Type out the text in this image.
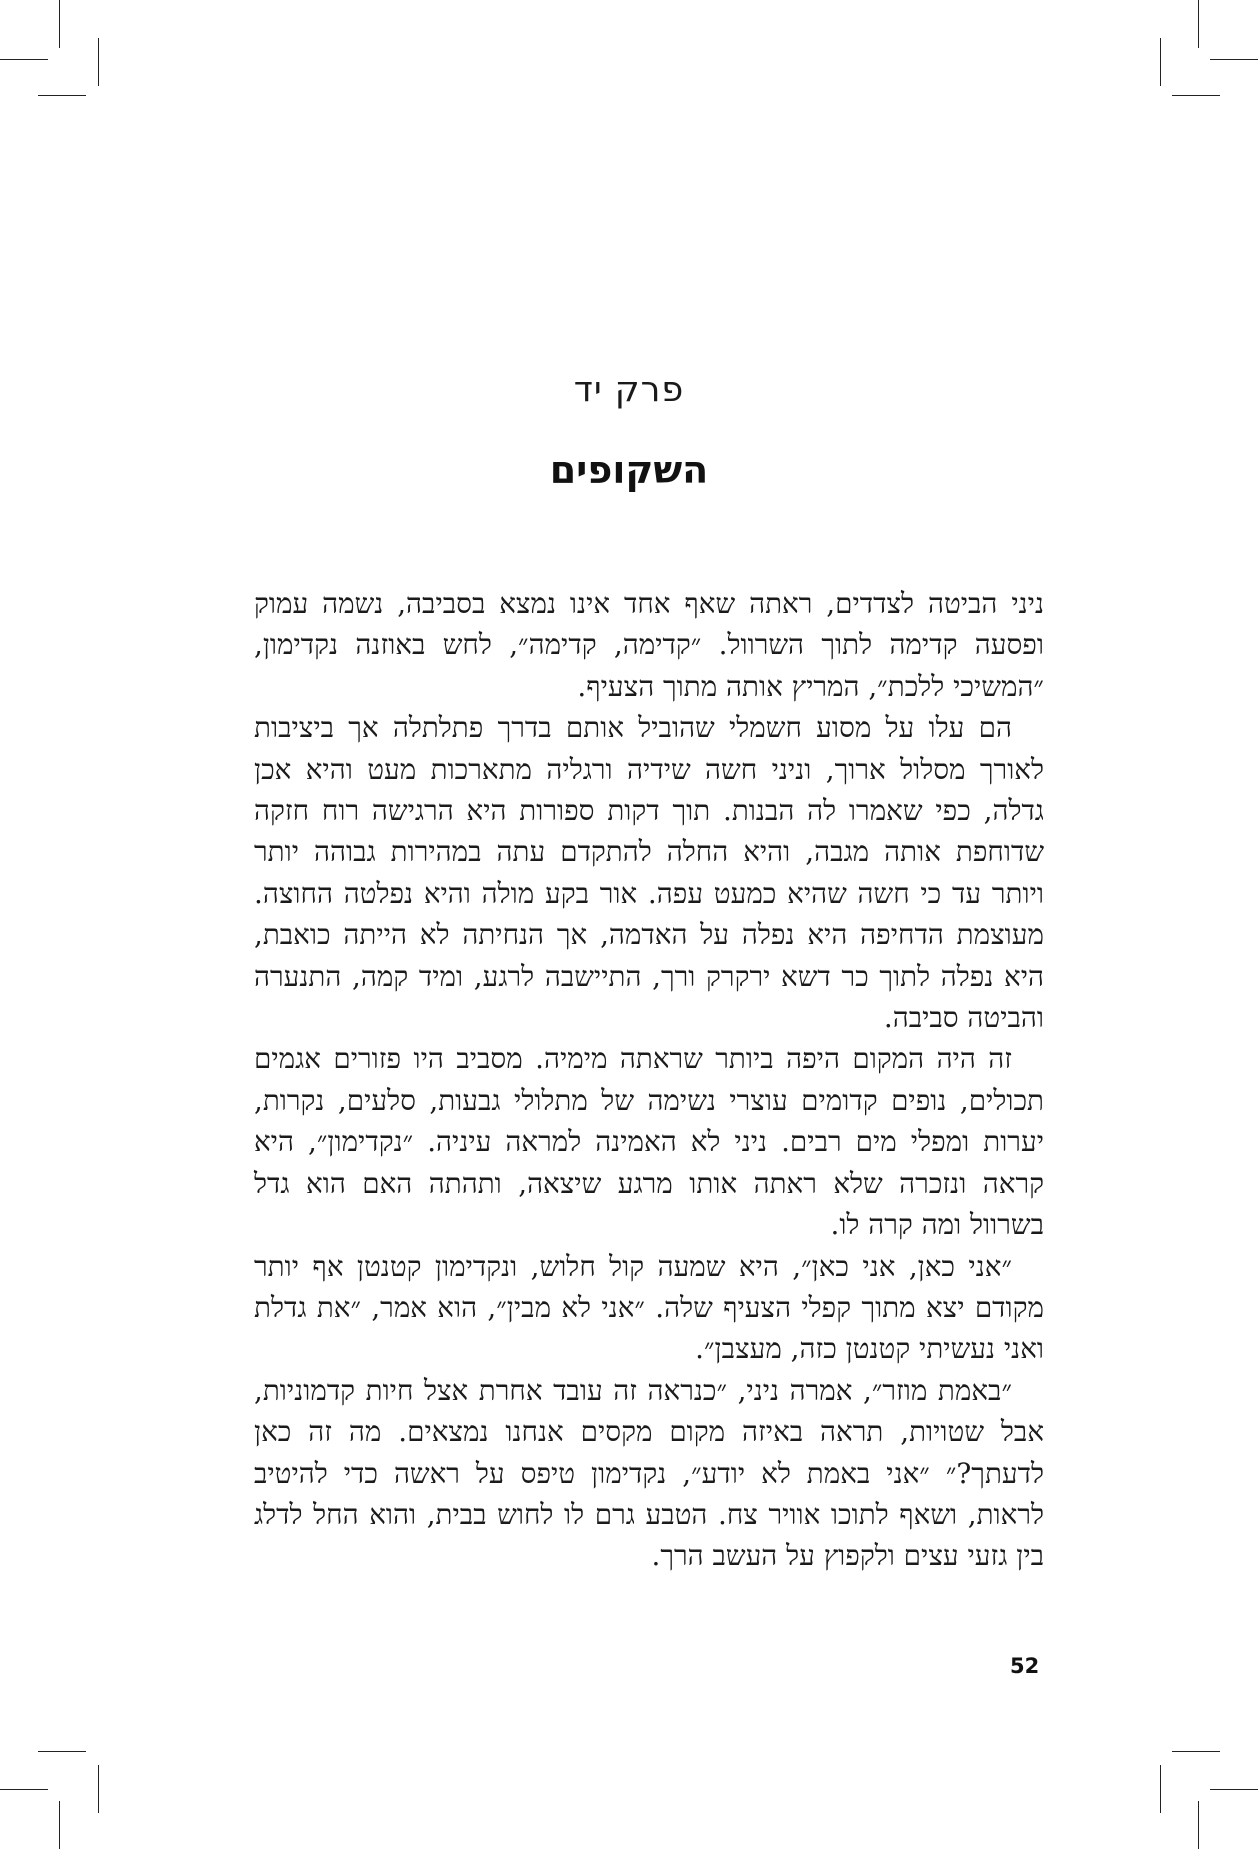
פרק יד
השקופים

ניני הביטה לצדדים, ראתה שאף אחד אינו נמצא בסביבה, נשמה עמוק ופסעה קדימה לתוך השרוול. ״קדימה, קדימה״, לחש באוזנה נקדימון, ״המשיכי ללכת״, המריץ אותה מתוך הצעיף.

הם עלו על מסוע חשמלי שהוביל אותם בדרך פתלתלה אך ביציבות לאורך מסלול ארוך, וניני חשה שידיה ורגליה מתארכות מעט והיא אכן גדלה, כפי שאמרו לה הבנות. תוך דקות ספורות היא הרגישה רוח חזקה שדוחפת אותה מגבה, והיא החלה להתקדם עתה במהירות גבוהה יותר ויותר עד כי חשה שהיא כמעט עפה. אור בקע מולה והיא נפלטה החוצה. מעוצמת הדחיפה היא נפלה על האדמה, אך הנחיתה לא הייתה כואבת, היא נפלה לתוך כר דשא ירקרק ורך, התיישבה לרגע, ומיד קמה, התנערה והביטה סביבה.

זה היה המקום היפה ביותר שראתה מימיה. מסביב היו פזורים אגמים תכולים, נופים קדומים עוצרי נשימה של מתלולי גבעות, סלעים, נקרות, יערות ומפלי מים רבים. ניני לא האמינה למראה עיניה. ״נקדימון״, היא קראה ונזכרה שלא ראתה אותו מרגע שיצאה, ותהתה האם הוא גדל בשרוול ומה קרה לו.

״אני כאן, אני כאן״, היא שמעה קול חלוש, ונקדימון קטנטן אף יותר מקודם יצא מתוך קפלי הצעיף שלה. ״אני לא מבין״, הוא אמר, ״את גדלת ואני נעשיתי קטנטן כזה, מעצבן״.

״באמת מוזר״, אמרה ניני, ״כנראה זה עובד אחרת אצל חיות קדמוניות, אבל שטויות, תראה באיזה מקום מקסים אנחנו נמצאים. מה זה כאן לדעתך?״ ״אני באמת לא יודע״, נקדימון טיפס על ראשה כדי להיטיב לראות, ושאף לתוכו אוויר צח. הטבע גרם לו לחוש בבית, והוא החל לדלג בין גזעי עצים ולקפוץ על העשב הרך.

52
